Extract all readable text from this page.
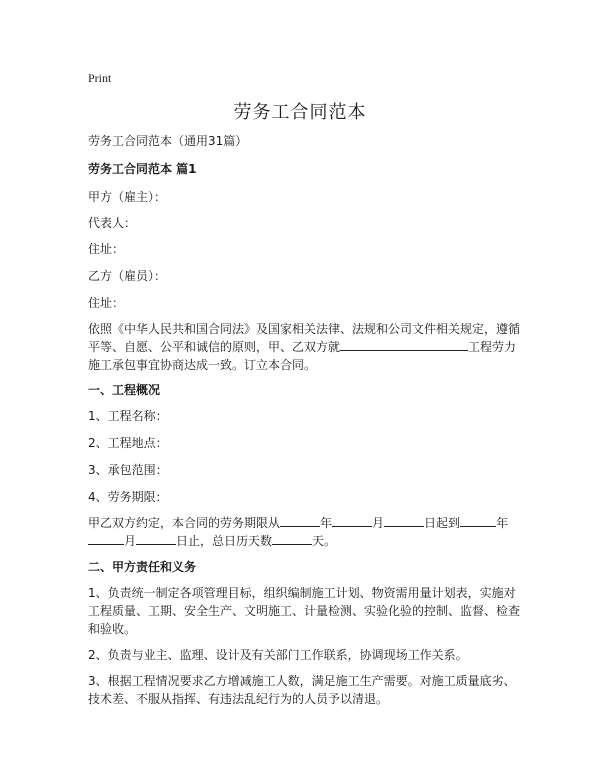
Print
劳务工合同范本
劳务工合同范本（通用31篇）
劳务工合同范本 篇1
甲方（雇主）：
代表人：
住址：
乙方（雇员）：
住址：
依照《中华人民共和国合同法》及国家相关法律、法规和公司文件相关规定，遵循
平等、自愿、公平和诚信的原则，甲、乙双方就	工程劳力
施工承包事宜协商达成一致。订立本合同。
一、工程概况
1、工程名称：
2、工程地点：
3、承包范围：
4、劳务期限：
甲乙双方约定，本合同的劳务期限从	年	月	日起到	年
月	日止，总日历天数	天。
二、甲方责任和义务
1、负责统一制定各项管理目标，组织编制施工计划、物资需用量计划表，实施对
工程质量、工期、安全生产、文明施工、计量检测、实验化验的控制、监督、检查
和验收。
2、负责与业主、监理、设计及有关部门工作联系，协调现场工作关系。
3、根据工程情况要求乙方增减施工人数，满足施工生产需要。对施工质量底劣、
技术差、不服从指挥、有违法乱纪行为的人员予以清退。
